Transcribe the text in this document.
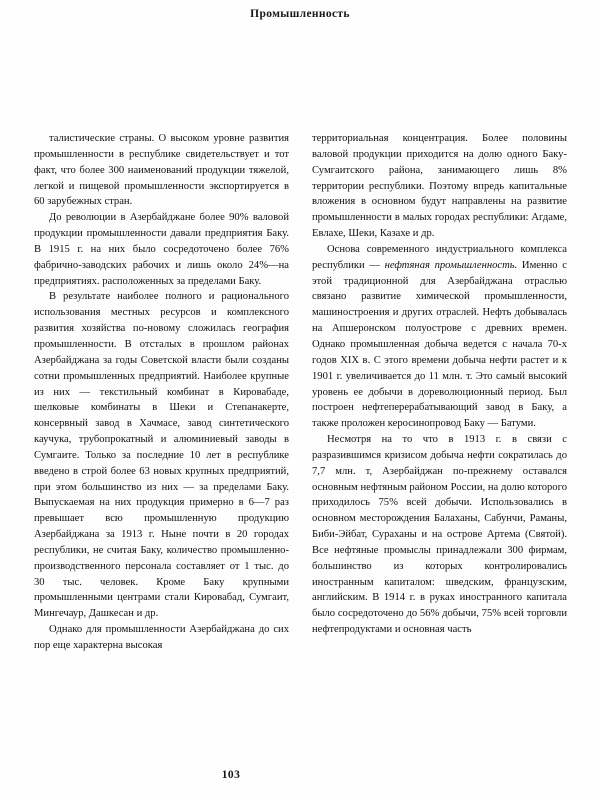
Промышленность

талистические страны. О высоком уровне развития промышленности в республике свидетельствует и тот факт, что более 300 наименований продукции тяжелой, легкой и пищевой промышленности экспортируется в 60 зарубежных стран.

До революции в Азербайджане более 90% валовой продукции промышленности давали предприятия Баку. В 1915 г. на них было сосредоточено более 76% фабрично-заводских рабочих и лишь около 24%—на предприятиях. расположенных за пределами Баку.

В результате наиболее полного и рационального использования местных ресурсов и комплексного развития хозяйства по-новому сложилась география промышленности. В отсталых в прошлом районах Азербайджана за годы Советской власти были созданы сотни промышленных предприятий. Наиболее крупные из них — текстильный комбинат в Кировабаде, шелковые комбинаты в Шеки и Степанакерте, консервный завод в Хачмасе, завод синтетического каучука, трубопрокатный и алюминиевый заводы в Сумгаите. Только за последние 10 лет в республике введено в строй более 63 новых крупных предприятий, при этом большинство из них — за пределами Баку. Выпускаемая на них продукция примерно в 6—7 раз превышает всю промышленную продукцию Азербайджана за 1913 г. Ныне почти в 20 городах республики, не считая Баку, количество промышленно-производственного персонала составляет от 1 тыс. до 30 тыс. человек. Кроме Баку крупными промышленными центрами стали Кировабад, Сумгаит, Мингечаур, Дашкесан и др.

Однако для промышленности Азербайджана до сих пор еще характерна высокая

территориальная концентрация. Более половины валовой продукции приходится на долю одного Баку-Сумгаитского района, занимающего лишь 8% территории республики. Поэтому впредь капитальные вложения в основном будут направлены на развитие промышленности в малых городах республики: Агдаме, Евлахе, Шеки, Казахе и др.

Основа современного индустриального комплекса республики — нефтяная промышленность. Именно с этой традиционной для Азербайджана отраслью связано развитие химической промышленности, машиностроения и других отраслей. Нефть добывалась на Апшеронском полуострове с древних времен. Однако промышленная добыча ведется с начала 70-х годов XIX в. С этого времени добыча нефти растет и к 1901 г. увеличивается до 11 млн. т. Это самый высокий уровень ее добычи в дореволюционный период. Был построен нефтеперерабатывающий завод в Баку, а также проложен керосинопровод Баку — Батуми.

Несмотря на то что в 1913 г. в связи с разразившимся кризисом добыча нефти сократилась до 7,7 млн. т, Азербайджан по-прежнему оставался основным нефтяным районом России, на долю которого приходилось 75% всей добычи. Использовались в основном месторождения Балаханы, Сабунчи, Раманы, Биби-Эйбат, Сураханы и на острове Артема (Святой). Все нефтяные промыслы принадлежали 300 фирмам, большинство из которых контролировались иностранным капиталом: шведским, французским, английским. В 1914 г. в руках иностранного капитала было сосредоточено до 56% добычи, 75% всей торговли нефтепродуктами и основная часть

103
